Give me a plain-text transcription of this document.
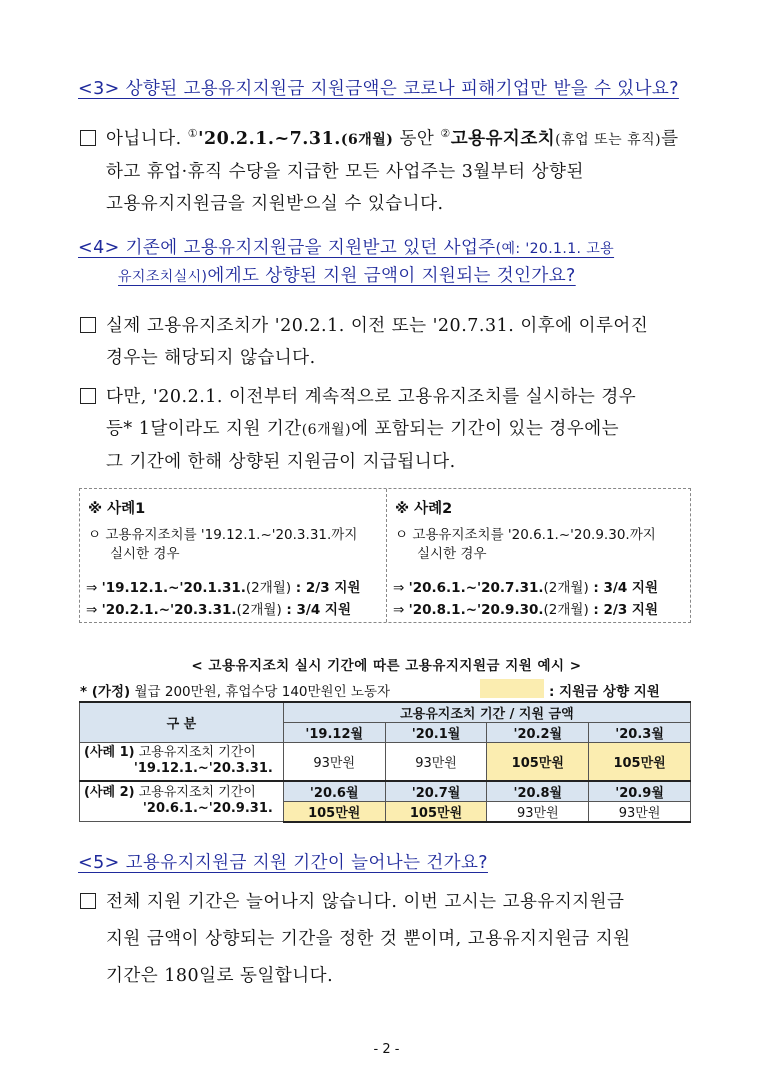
<3> 상향된 고용유지지원금 지원금액은 코로나 피해기업만 받을 수 있나요?
아닙니다. ①'20.2.1.~7.31.(6개월) 동안 ②고용유지조치(휴업 또는 휴직)를
하고 휴업·휴직 수당을 지급한 모든 사업주는 3월부터 상향된
고용유지지원금을 지원받으실 수 있습니다.
<4> 기존에 고용유지지원금을 지원받고 있던 사업주(예: '20.1.1. 고용
유지조치실시)에게도 상향된 지원 금액이 지원되는 것인가요?
실제 고용유지조치가 '20.2.1. 이전 또는 '20.7.31. 이후에 이루어진
경우는 해당되지 않습니다.
다만, '20.2.1. 이전부터 계속적으로 고용유지조치를 실시하는 경우
등* 1달이라도 지원 기간(6개월)에 포함되는 기간이 있는 경우에는
그 기간에 한해 상향된 지원금이 지급됩니다.
※ 사례1
ㅇ 고용유지조치를 '19.12.1.~'20.3.31.까지
실시한 경우
⇒ '19.12.1.~'20.1.31.(2개월) : 2/3 지원
⇒ '20.2.1.~'20.3.31.(2개월) : 3/4 지원
※ 사례2
ㅇ 고용유지조치를 '20.6.1.~'20.9.30.까지
실시한 경우
⇒ '20.6.1.~'20.7.31.(2개월) : 3/4 지원
⇒ '20.8.1.~'20.9.30.(2개월) : 2/3 지원
< 고용유지조치 실시 기간에 따른 고용유지지원금 지원 예시 >
* (가정) 월급 200만원, 휴업수당 140만원인 노동자	: 지원금 상향 지원
구 분	고용유지조치 기간 / 지원 금액			
	'19.12월	'20.1월	'20.2월	'20.3월
(사례 1) 고용유지조치 기간이
'19.12.1.~'20.3.31.	93만원	93만원	105만원	105만원
(사례 2) 고용유지조치 기간이
'20.6.1.~'20.9.31.	'20.6월	'20.7월	'20.8월	'20.9월
	105만원	105만원	93만원	93만원
<5> 고용유지지원금 지원 기간이 늘어나는 건가요?
전체 지원 기간은 늘어나지 않습니다. 이번 고시는 고용유지지원금
지원 금액이 상향되는 기간을 정한 것 뿐이며, 고용유지지원금 지원
기간은 180일로 동일합니다.
- 2 -
